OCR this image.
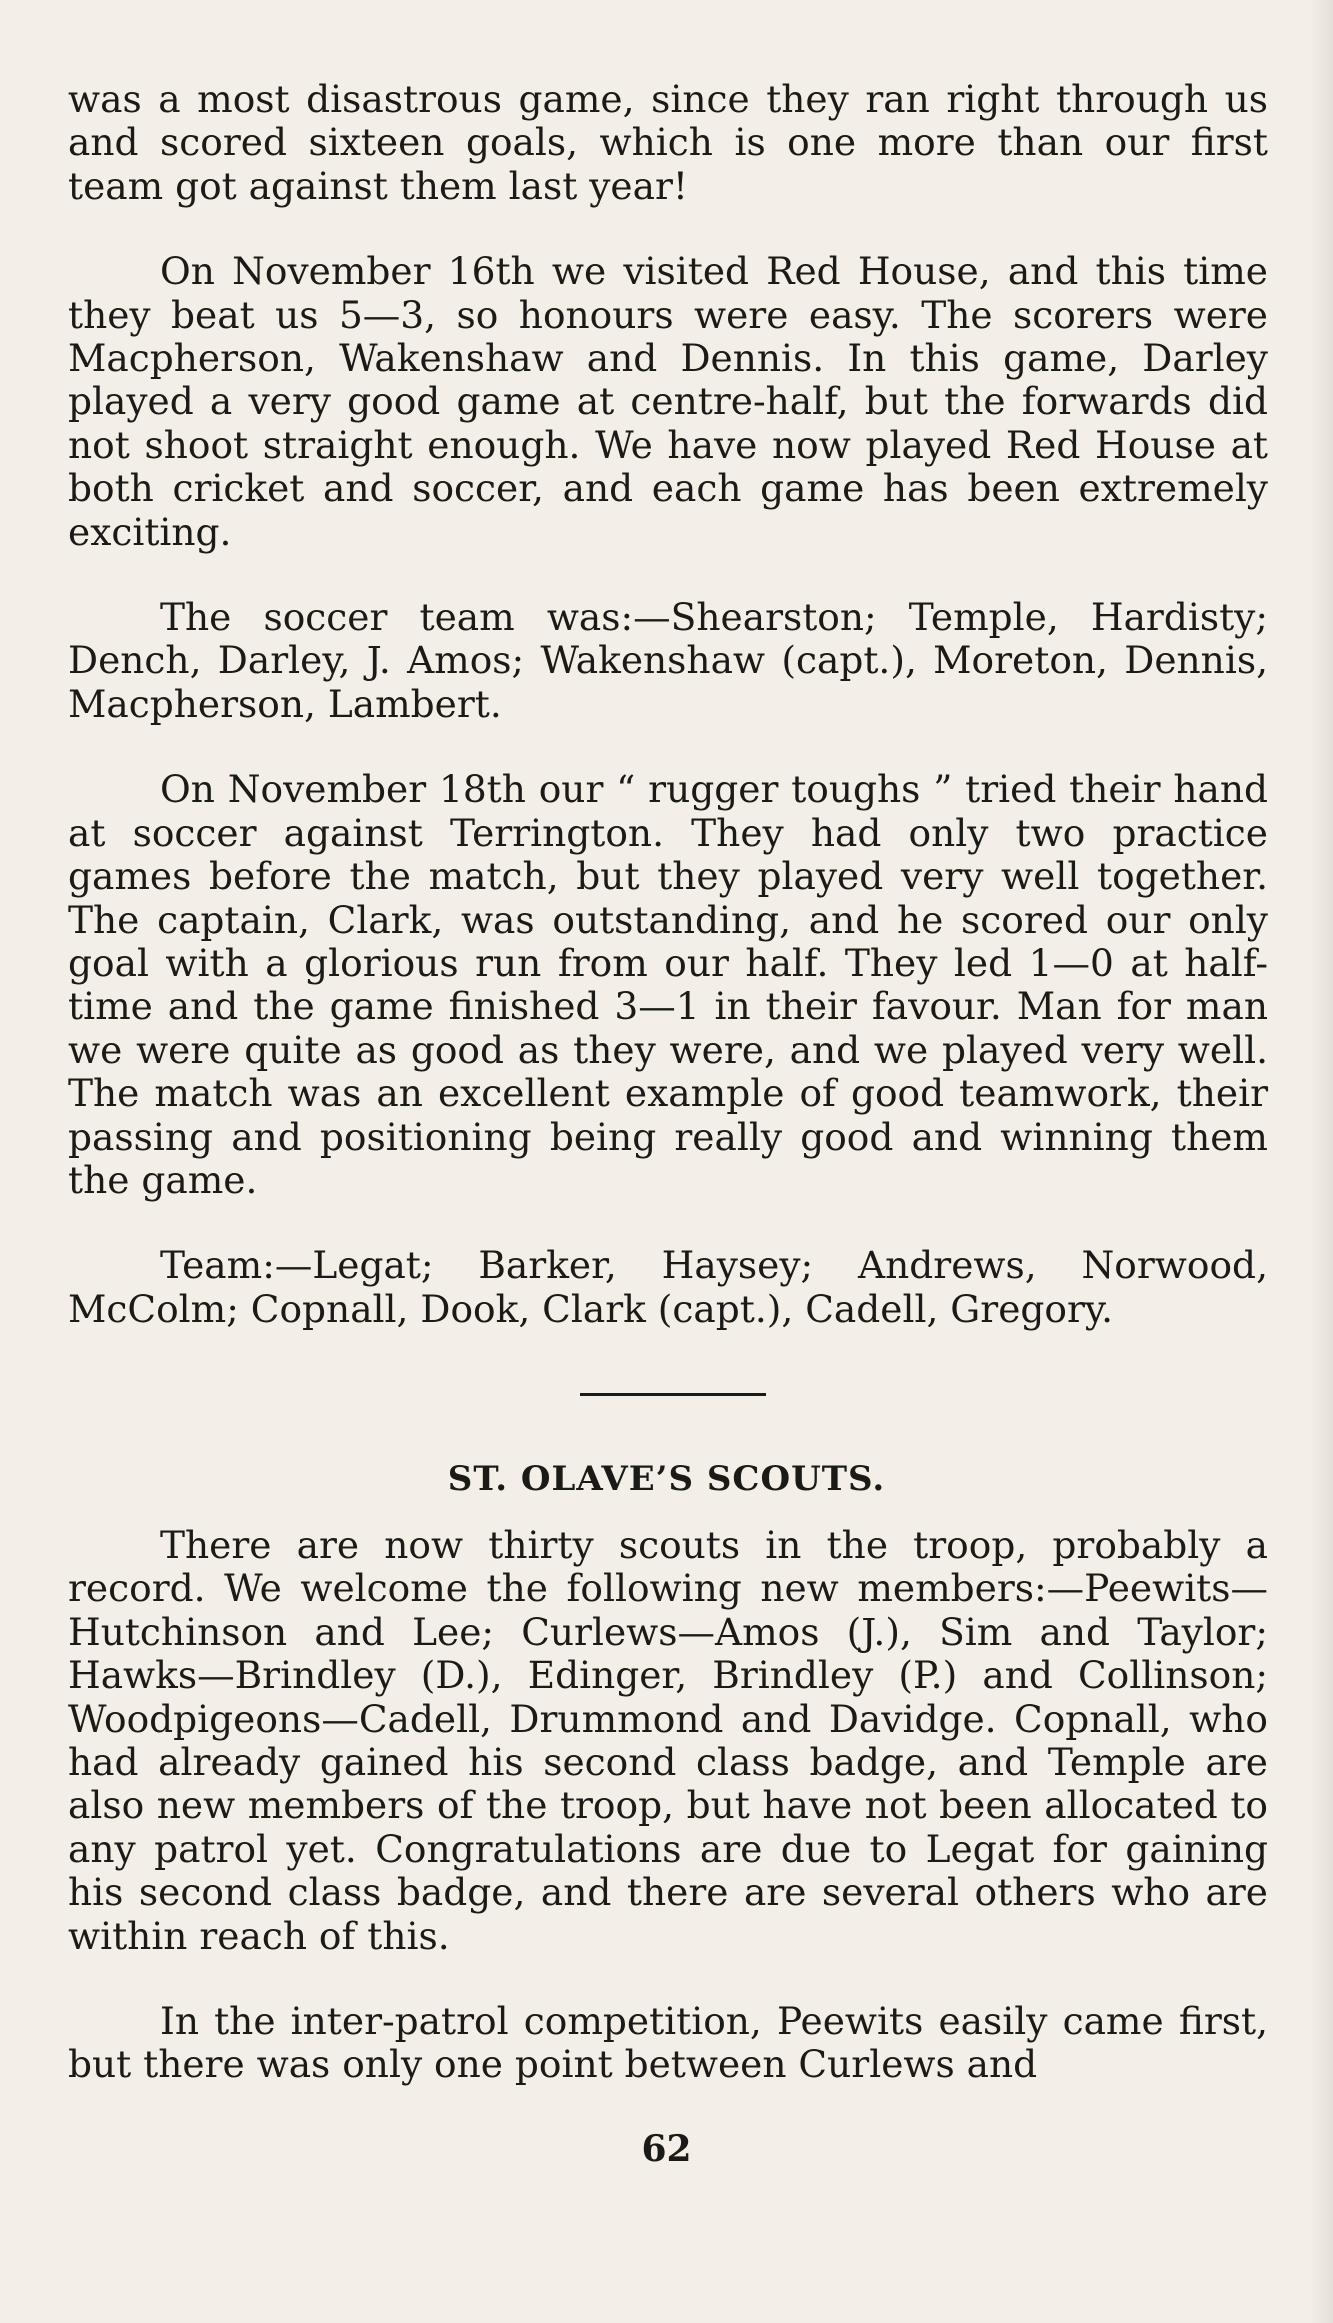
was a most disastrous game, since they ran right through us and scored sixteen goals, which is one more than our first team got against them last year!

On November 16th we visited Red House, and this time they beat us 5—3, so honours were easy. The scorers were Macpherson, Wakenshaw and Dennis. In this game, Darley played a very good game at centre-half, but the forwards did not shoot straight enough. We have now played Red House at both cricket and soccer, and each game has been extremely exciting.

The soccer team was:—Shearston; Temple, Hardisty; Dench, Darley, J. Amos; Wakenshaw (capt.), Moreton, Dennis, Macpherson, Lambert.

On November 18th our “ rugger toughs ” tried their hand at soccer against Terrington. They had only two practice games before the match, but they played very well together. The captain, Clark, was outstanding, and he scored our only goal with a glorious run from our half. They led 1—0 at half-time and the game finished 3—1 in their favour. Man for man we were quite as good as they were, and we played very well. The match was an excellent example of good teamwork, their passing and positioning being really good and winning them the game.

Team:—Legat; Barker, Haysey; Andrews, Norwood, McColm; Copnall, Dook, Clark (capt.), Cadell, Gregory.

ST. OLAVE’S SCOUTS.

There are now thirty scouts in the troop, probably a record. We welcome the following new members:—Peewits—Hutchinson and Lee; Curlews—Amos (J.), Sim and Taylor; Hawks—Brindley (D.), Edinger, Brindley (P.) and Collinson; Woodpigeons—Cadell, Drummond and Davidge. Copnall, who had already gained his second class badge, and Temple are also new members of the troop, but have not been allocated to any patrol yet. Congratulations are due to Legat for gaining his second class badge, and there are several others who are within reach of this.

In the inter-patrol competition, Peewits easily came first, but there was only one point between Curlews and

62
